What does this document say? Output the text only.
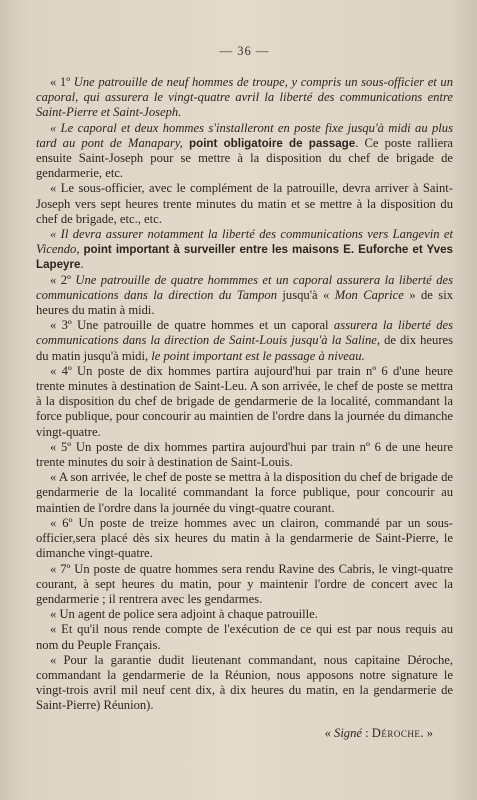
— 36 —

« 1º Une patrouille de neuf hommes de troupe, y compris un sous-officier et un caporal, qui assurera le vingt-quatre avril la liberté des communications entre Saint-Pierre et Saint-Joseph.

« Le caporal et deux hommes s'installeront en poste fixe jusqu'à midi au plus tard au pont de Manapary, point obligatoire de passage. Ce poste ralliera ensuite Saint-Joseph pour se mettre à la disposition du chef de brigade de gendarmerie, etc.

« Le sous-officier, avec le complément de la patrouille, devra arriver à Saint-Joseph vers sept heures trente minutes du matin et se mettre à la disposition du chef de brigade, etc., etc.

« Il devra assurer notamment la liberté des communications vers Langevin et Vicendo, point important à surveiller entre les maisons E. Euforche et Yves Lapeyre.

« 2º Une patrouille de quatre hommmes et un caporal assurera la liberté des communications dans la direction du Tampon jusqu'à « Mon Caprice » de six heures du matin à midi.

« 3º Une patrouille de quatre hommes et un caporal assurera la liberté des communications dans la direction de Saint-Louis jusqu'à la Saline, de dix heures du matin jusqu'à midi, le point important est le passage à niveau.

« 4º Un poste de dix hommes partira aujourd'hui par train nº 6 d'une heure trente minutes à destination de Saint-Leu. A son arrivée, le chef de poste se mettra à la disposition du chef de brigade de gendarmerie de la localité, commandant la force publique, pour concourir au maintien de l'ordre dans la journée du dimanche vingt-quatre.

« 5º Un poste de dix hommes partira aujourd'hui par train nº 6 de une heure trente minutes du soir à destination de Saint-Louis.

« A son arrivée, le chef de poste se mettra à la disposition du chef de brigade de gendarmerie de la localité commandant la force publique, pour concourir au maintien de l'ordre dans la journée du vingt-quatre courant.

« 6º Un poste de treize hommes avec un clairon, commandé par un sous-officier,sera placé dès six heures du matin à la gendarmerie de Saint-Pierre, le dimanche vingt-quatre.

« 7º Un poste de quatre hommes sera rendu Ravine des Cabris, le vingt-quatre courant, à sept heures du matin, pour y maintenir l'ordre de concert avec la gendarmerie ; il rentrera avec les gendarmes.

« Un agent de police sera adjoint à chaque patrouille.

« Et qu'il nous rende compte de l'exécution de ce qui est par nous requis au nom du Peuple Français.

« Pour la garantie dudit lieutenant commandant, nous capitaine Déroche, commandant la gendarmerie de la Réunion, nous apposons notre signature le vingt-trois avril mil neuf cent dix, à dix heures du matin, en la gendarmerie de Saint-Pierre) Réunion).

« Signé : Déroche. »
